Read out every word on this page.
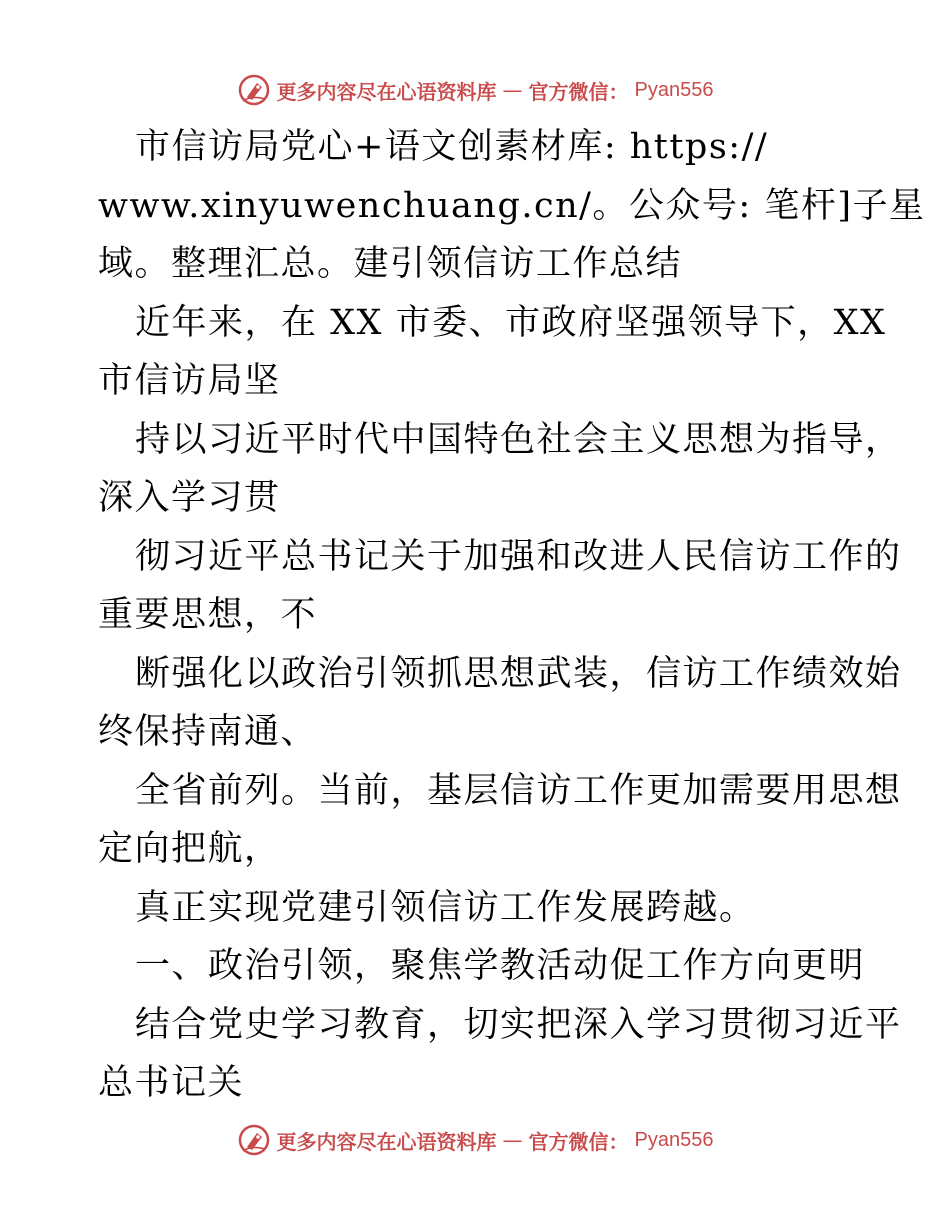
更多内容尽在心语资料库 — 官方微信： Pyan556
市信访局党心+语文创素材库: https://
www.xinyuwenchuang.cn/。公众号: 笔杆]子星
域。整理汇总。建引领信访工作总结
近年来，在 XX 市委、市政府坚强领导下，XX
市信访局坚
持以习近平时代中国特色社会主义思想为指导，
深入学习贯
彻习近平总书记关于加强和改进人民信访工作的
重要思想，不
断强化以政治引领抓思想武装，信访工作绩效始
终保持南通、
全省前列。当前，基层信访工作更加需要用思想
定向把航，
真正实现党建引领信访工作发展跨越。
一、政治引领，聚焦学教活动促工作方向更明
结合党史学习教育，切实把深入学习贯彻习近平
总书记关
更多内容尽在心语资料库 — 官方微信： Pyan556
